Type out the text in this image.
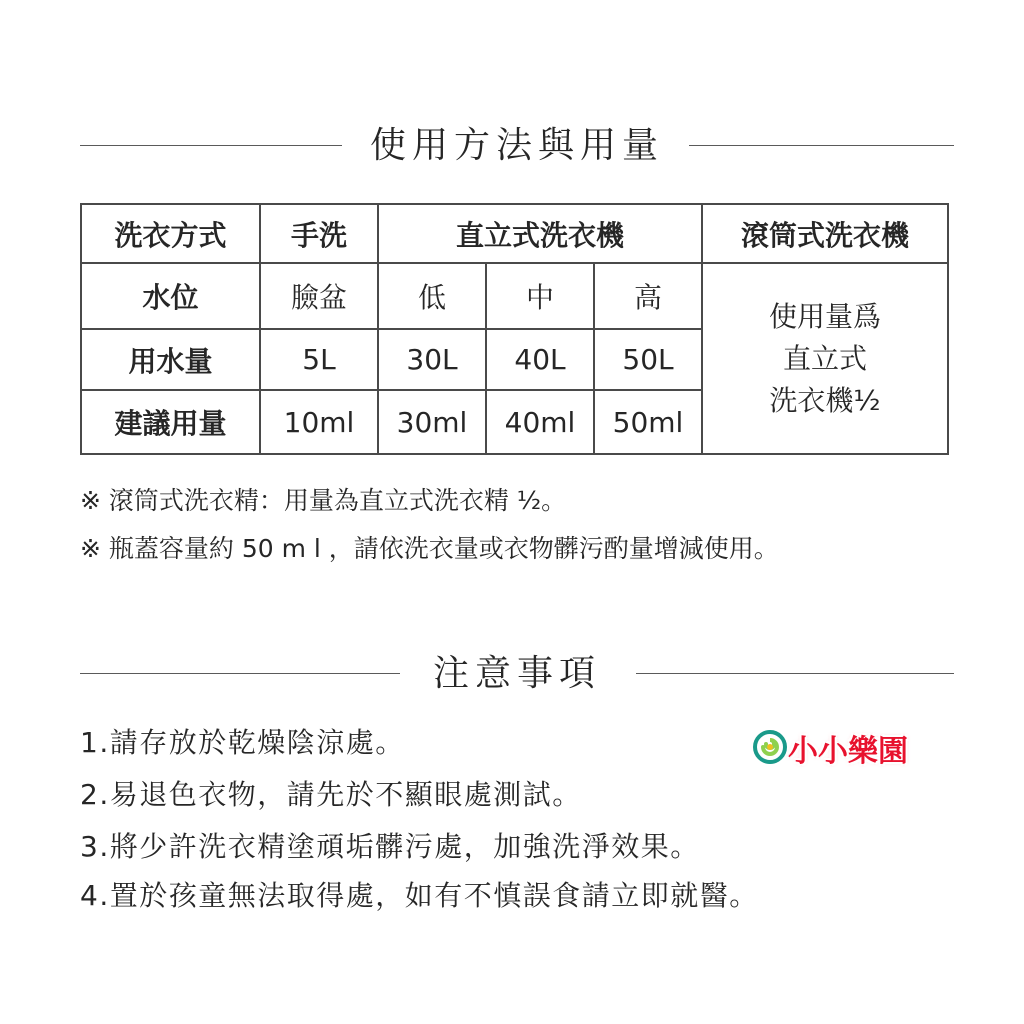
使用方法與用量
洗衣方式	手洗	直立式洗衣機			滾筒式洗衣機
水位	臉盆	低	中	高	使用量爲
直立式
洗衣機½

用水量	5L	30L	40L	50L	
建議用量	10ml	30ml	40ml	50ml	
※ 滾筒式洗衣精：用量為直立式洗衣精 ½。
※ 瓶蓋容量約 50 m l ，請依洗衣量或衣物髒污酌量增減使用。
注意事項
1.請存放於乾燥陰涼處。
2.易退色衣物，請先於不顯眼處測試。
3.將少許洗衣精塗頑垢髒污處，加強洗淨效果。
4.置於孩童無法取得處，如有不慎誤食請立即就醫。
小小樂園
